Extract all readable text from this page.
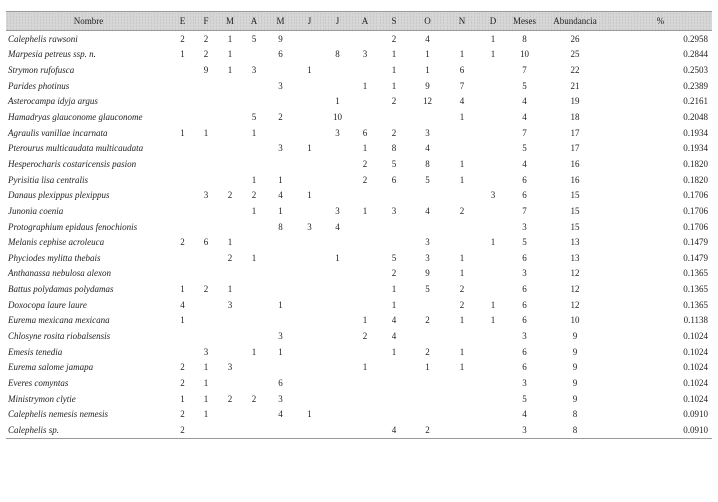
Nombre	E	F	M	A	M	J	J	A	S	O	N	D	Meses	Abundancia	%
Calephelis rawsoni	2	2	1	5	9				2	4		1	8	26	0.2958
Marpesia petreus ssp. n.	1	2	1		6		8	3	1	1	1	1	10	25	0.2844
Strymon rufofusca		9	1	3		1			1	1	6		7	22	0.2503
Parides photinus					3			1	1	9	7		5	21	0.2389
Asterocampa idyja argus							1		2	12	4		4	19	0.2161
Hamadryas glauconome glauconome				5	2		10				1		4	18	0.2048
Agraulis vanillae incarnata	1	1		1			3	6	2	3			7	17	0.1934
Pterourus multicaudata multicaudata					3	1		1	8	4			5	17	0.1934
Hesperocharis costaricensis pasion								2	5	8	1		4	16	0.1820
Pyrisitia lisa centralis				1	1			2	6	5	1		6	16	0.1820
Danaus plexippus plexippus		3	2	2	4	1						3	6	15	0.1706
Junonia coenia				1	1		3	1	3	4	2		7	15	0.1706
Protographium epidaus fenochionis					8	3	4						3	15	0.1706
Melanis cephise acroleuca	2	6	1							3		1	5	13	0.1479
Phyciodes mylitta thebais			2	1			1		5	3	1		6	13	0.1479
Anthanassa nebulosa alexon									2	9	1		3	12	0.1365
Battus polydamas polydamas	1	2	1						1	5	2		6	12	0.1365
Doxocopa laure laure	4		3		1				1		2	1	6	12	0.1365
Eurema mexicana mexicana	1							1	4	2	1	1	6	10	0.1138
Chlosyne rosita riobalsensis					3			2	4				3	9	0.1024
Emesis tenedia		3		1	1				1	2	1		6	9	0.1024
Eurema salome jamapa	2	1	3					1		1	1		6	9	0.1024
Everes comyntas	2	1			6								3	9	0.1024
Ministrymon clytie	1	1	2	2	3								5	9	0.1024
Calephelis nemesis nemesis	2	1			4	1							4	8	0.0910
Calephelis sp.	2								4	2			3	8	0.0910
